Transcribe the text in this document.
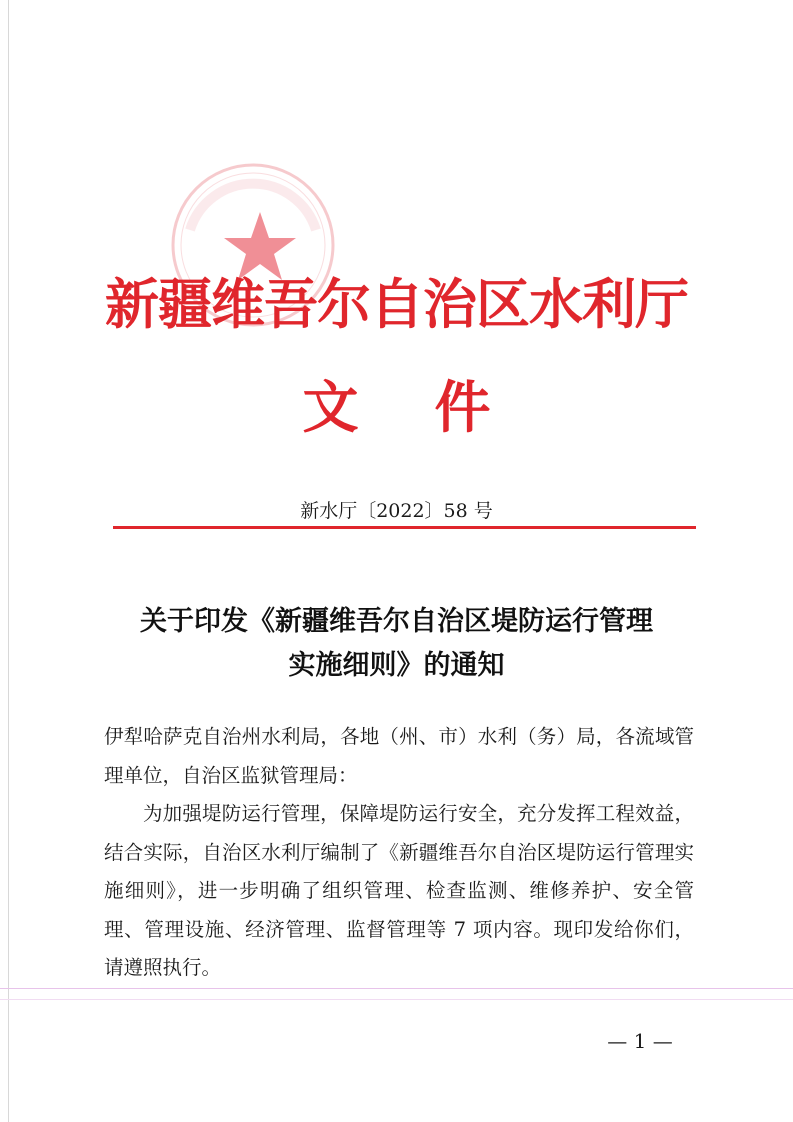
新疆维吾尔自治区水利厅
文件
新水厅〔2022〕58 号
关于印发《新疆维吾尔自治区堤防运行管理
实施细则》的通知

伊犁哈萨克自治州水利局，各地（州、市）水利（务）局，各流域管理单位，自治区监狱管理局：

为加强堤防运行管理，保障堤防运行安全，充分发挥工程效益，结合实际，自治区水利厅编制了《新疆维吾尔自治区堤防运行管理实施细则》，进一步明确了组织管理、检查监测、维修养护、安全管理、管理设施、经济管理、监督管理等 7 项内容。现印发给你们，请遵照执行。

— 1 —
